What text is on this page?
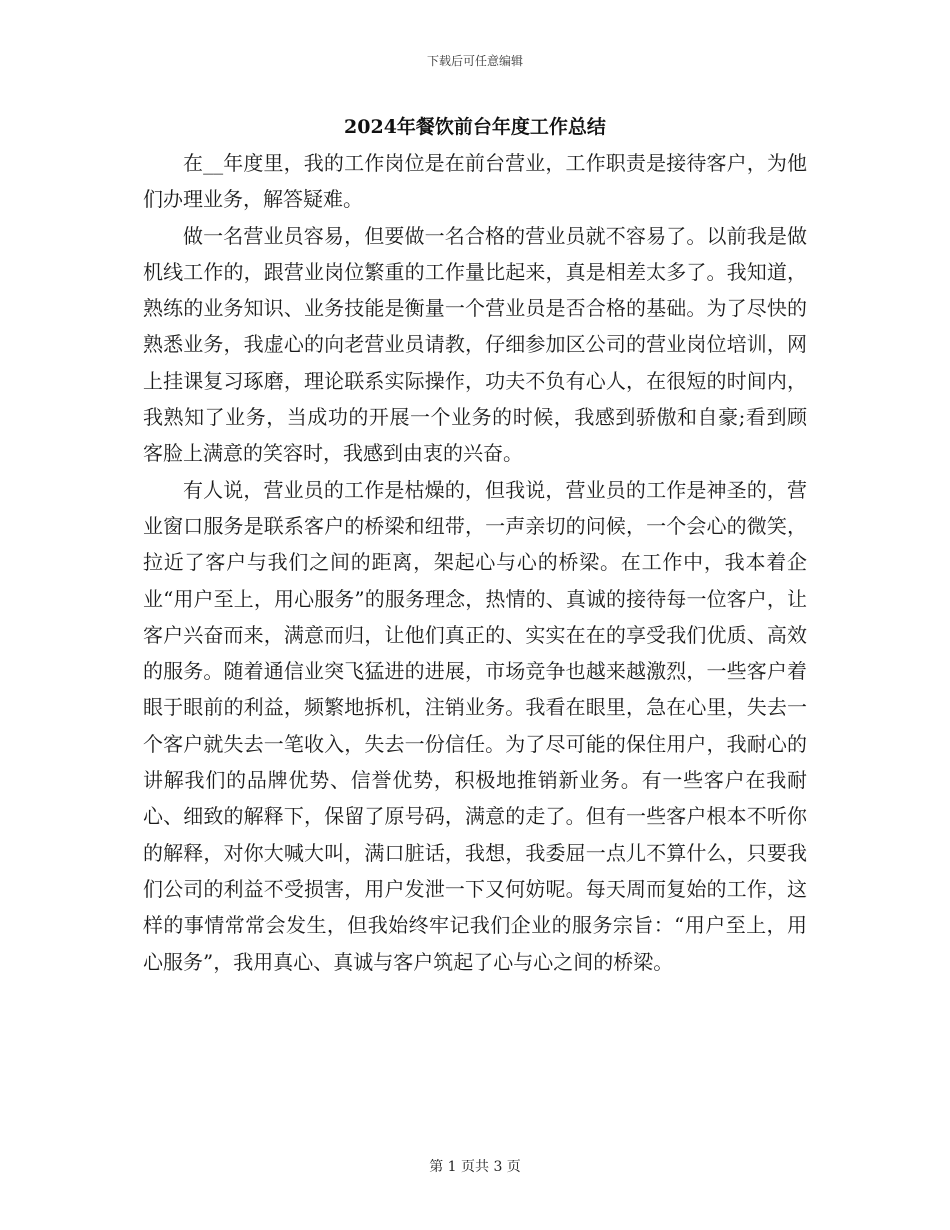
下载后可任意编辑
2024年餐饮前台年度工作总结

在__年度里，我的工作岗位是在前台营业，工作职责是接待客户，为他们办理业务，解答疑难。

做一名营业员容易，但要做一名合格的营业员就不容易了。以前我是做机线工作的，跟营业岗位繁重的工作量比起来，真是相差太多了。我知道，熟练的业务知识、业务技能是衡量一个营业员是否合格的基础。为了尽快的熟悉业务，我虚心的向老营业员请教，仔细参加区公司的营业岗位培训，网上挂课复习琢磨，理论联系实际操作，功夫不负有心人，在很短的时间内，我熟知了业务，当成功的开展一个业务的时候，我感到骄傲和自豪;看到顾客脸上满意的笑容时，我感到由衷的兴奋。

有人说，营业员的工作是枯燥的，但我说，营业员的工作是神圣的，营业窗口服务是联系客户的桥梁和纽带，一声亲切的问候，一个会心的微笑，拉近了客户与我们之间的距离，架起心与心的桥梁。在工作中，我本着企业“用户至上，用心服务”的服务理念，热情的、真诚的接待每一位客户，让客户兴奋而来，满意而归，让他们真正的、实实在在的享受我们优质、高效的服务。随着通信业突飞猛进的进展，市场竞争也越来越激烈，一些客户着眼于眼前的利益，频繁地拆机，注销业务。我看在眼里，急在心里，失去一个客户就失去一笔收入，失去一份信任。为了尽可能的保住用户，我耐心的讲解我们的品牌优势、信誉优势，积极地推销新业务。有一些客户在我耐心、细致的解释下，保留了原号码，满意的走了。但有一些客户根本不听你的解释，对你大喊大叫，满口脏话，我想，我委屈一点儿不算什么，只要我们公司的利益不受损害，用户发泄一下又何妨呢。每天周而复始的工作，这样的事情常常会发生，但我始终牢记我们企业的服务宗旨：“用户至上，用心服务”，我用真心、真诚与客户筑起了心与心之间的桥梁。

第 1 页共 3 页
